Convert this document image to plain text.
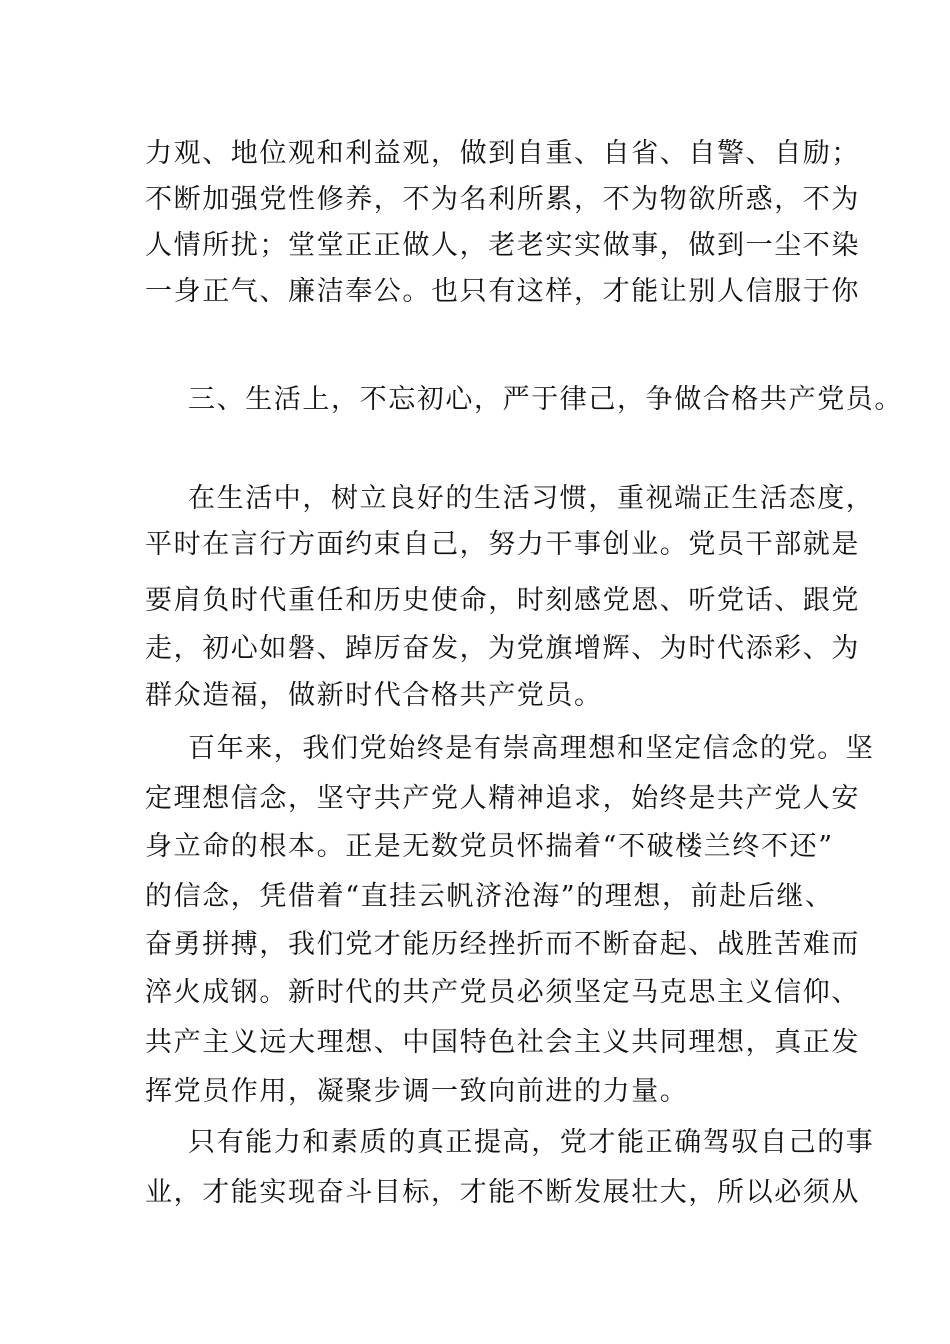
力观、地位观和利益观，做到自重、自省、自警、自励；
不断加强党性修养，不为名利所累，不为物欲所惑，不为
人情所扰；堂堂正正做人，老老实实做事，做到一尘不染
一身正气、廉洁奉公。也只有这样，才能让别人信服于你
三、生活上，不忘初心，严于律己，争做合格共产党员。
在生活中，树立良好的生活习惯，重视端正生活态度，
平时在言行方面约束自己，努力干事创业。党员干部就是
要肩负时代重任和历史使命，时刻感党恩、听党话、跟党
走，初心如磐、踔厉奋发，为党旗增辉、为时代添彩、为
群众造福，做新时代合格共产党员。
百年来，我们党始终是有崇高理想和坚定信念的党。坚
定理想信念，坚守共产党人精神追求，始终是共产党人安
身立命的根本。正是无数党员怀揣着“不破楼兰终不还”
的信念，凭借着“直挂云帆济沧海”的理想，前赴后继、
奋勇拼搏，我们党才能历经挫折而不断奋起、战胜苦难而
淬火成钢。新时代的共产党员必须坚定马克思主义信仰、
共产主义远大理想、中国特色社会主义共同理想，真正发
挥党员作用，凝聚步调一致向前进的力量。
只有能力和素质的真正提高，党才能正确驾驭自己的事
业，才能实现奋斗目标，才能不断发展壮大，所以必须从
